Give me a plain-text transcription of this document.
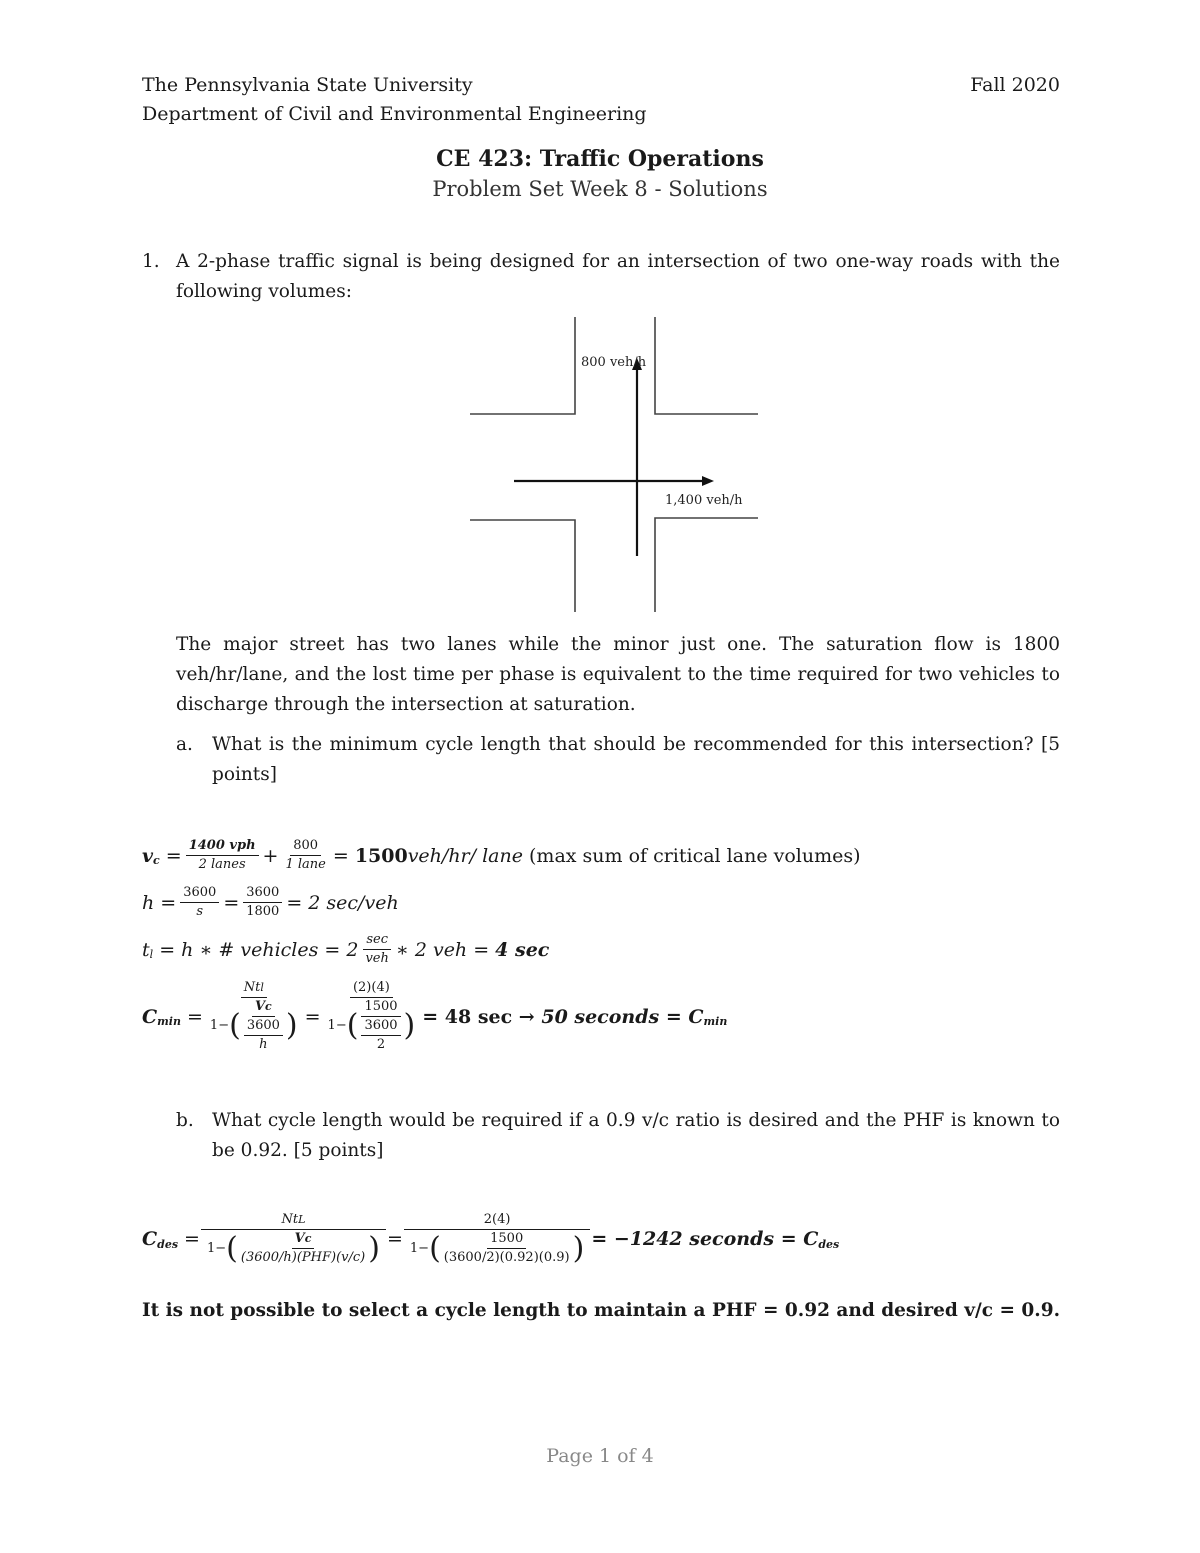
The Pennsylvania State University	Fall 2020
Department of Civil and Environmental Engineering
CE 423: Traffic Operations
Problem Set Week 8 - Solutions
1. A 2-phase traffic signal is being designed for an intersection of two one-way roads with the
following volumes:
800 veh/h
1,400 veh/h
The major street has two lanes while the minor just one. The saturation flow is 1800
veh/hr/lane, and the lost time per phase is equivalent to the time required for two vehicles to
discharge through the intersection at saturation.
a. What is the minimum cycle length that should be recommended for this intersection? [5
points]
v $c = \frac{\text{1400 vph}}{\text{2 lanes}} + \frac{800}{\text{1 lane}} = 1500$ veh/hr/ lane (max sum of critical lane volumes)
$h = \frac{3600}{s} = \frac{3600}{1800} = 2$ sec/veh
t l = h ∗ # vehicles = $2 \frac{\sec}{\text{veh}}$ ∗ 2 veh = 4 sec
C $\min = \frac{\text{Ntl}}{1- ( \frac{Vc}{\frac{3600}{h}} )} = \frac{(2)(4)}{1- ( \frac{1500}{\frac{3600}{2}} )} = 48$ sec → 50 seconds = C min
b. What cycle length would be required if a 0.9 v/c ratio is desired and the PHF is known to
be 0.92. [5 points]
C des =
NtL
1− ( $\frac{Vc}{\text{(3600/h)(PHF)(v/c)}}$ ) =
2(4)
1− ( $\frac{1500}{(3600/2)(0.92)(0.9)}$ ) = −1242 seconds = C des
It is not possible to select a cycle length to maintain a PHF = 0.92 and desired v/c = 0.9.
Page 1 of 4
